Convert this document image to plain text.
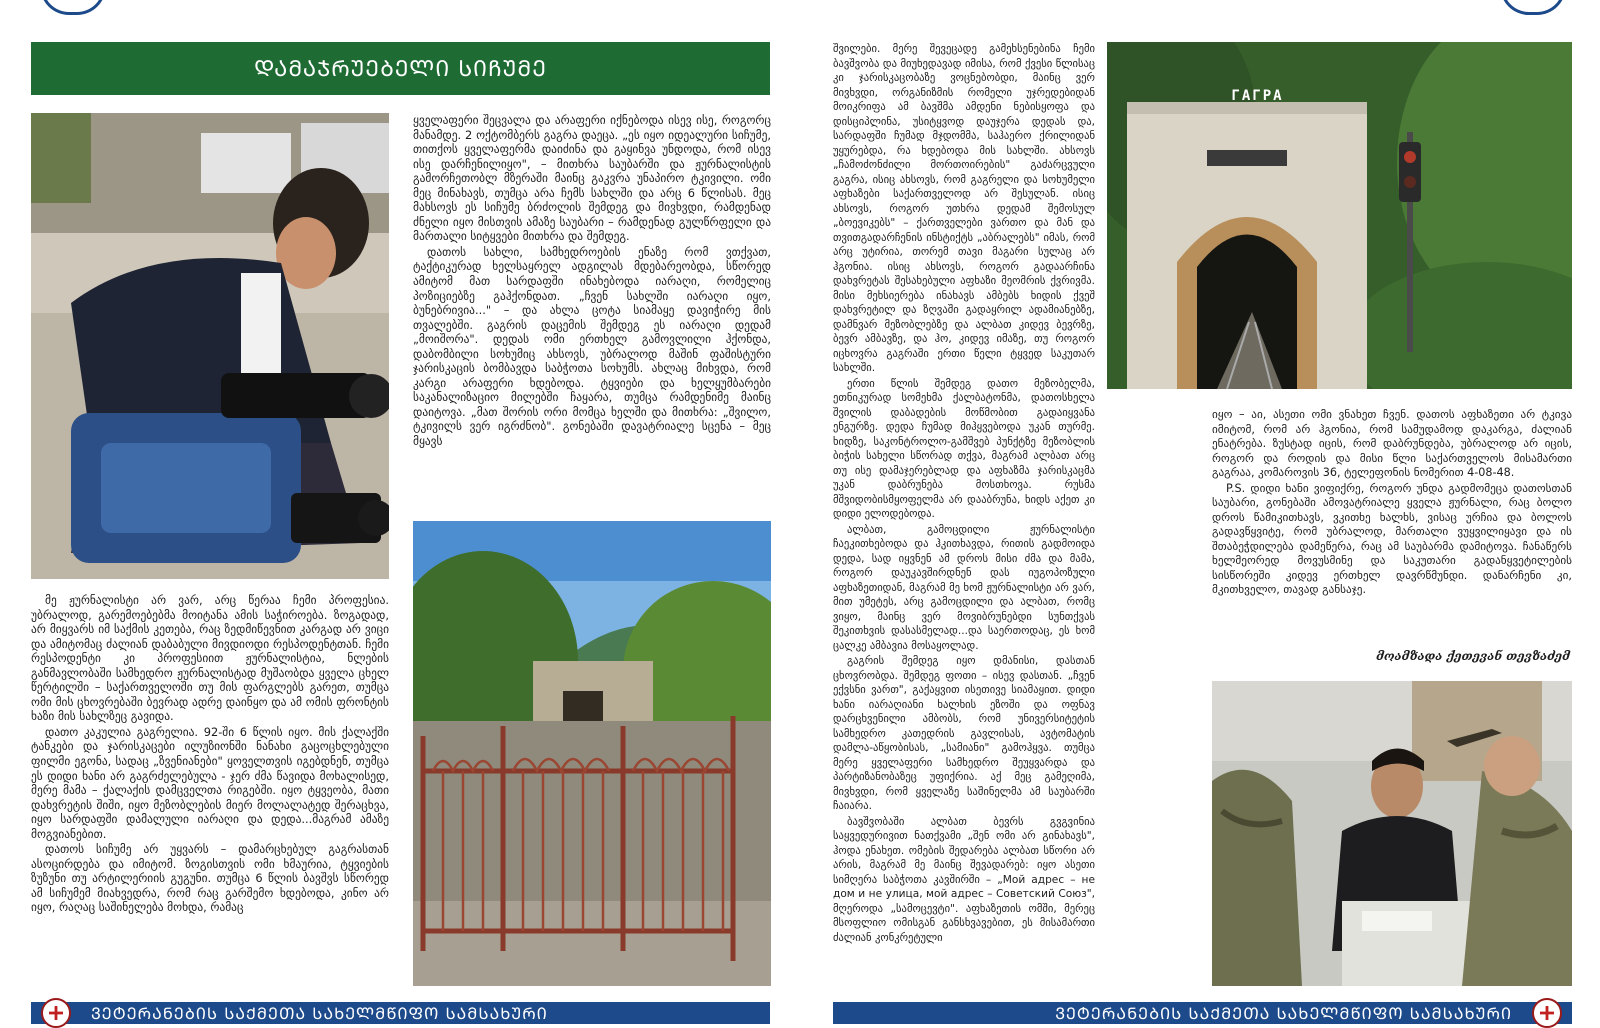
ᲓᲐᲛᲐᲯᲠᲣᲔᲑᲔᲚᲘ ᲡᲘᲩᲣᲛᲔ
ГАГРА

მე ჟურნალისტი არ ვარ, არც წერაა ჩემი პროფესია. უბრალოდ, გარემოებებმა მოიტანა ამის საჭიროება. ზოგადად, არ მიყვარს იმ საქმის კეთება, რაც ზედმიწევნით კარგად არ ვიცი და ამიტომაც ძალიან დაბაბული მივდიოდი რესპოდენტთან. ჩემი რესპოდენტი კი პროფესიით ჟურნალისტია, ნლების განმავლობაში სამხედრო ჟურნალისტად მუშაობდა ყველა ცხელ წერტილში – საქართველოში თუ მის ფარგლებს გარეთ, თუმცა ომი მის ცხოვრებაში ბევრად ადრე დაინყო და ამ ომის ფრონტის ხაზი მის სახლზეც გავიდა.

დათო კაკულია გაგრელია. 92-ში 6 წლის იყო. მის ქალაქში ტანკები და ჯარისკაცები ილუზიონში ნანახი გაცოცხლებული ფილმი ეგონა, სადაც „ზვენიანები" ყოველთვის იგებდნენ, თუმცა ეს დიდი ხანი არ გაგრძელებულა - ჯერ ძმა წავიდა მოხალისედ, მერე მამა – ქალაქის დამცველთა რიგებში. იყო ტყვეობა, მათი დახვრეტის შიში, იყო მეზობლების მიერ მოლალატედ შერაცხვა, იყო სარდაფში დამალული იარაღი და დედა...მაგრამ ამაზე მოგვიანებით.

დათოს სიჩუმე არ უყვარს – დამარცხებულ გაგრასთან ასოცირდება და იმიტომ. ზოგისთვის ომი ხმაურია, ტყვიების ზუზუნი თუ არტილერიის გუგუნი. თუმცა 6 წლის ბავშვს სწორედ ამ სიჩუმემ მიახვედრა, რომ რაც გარშემო ხდებოდა, კინო არ იყო, რაღაც საშინელება მოხდა, რამაც

ყველაფერი შეცვალა და არაფერი იქნებოდა ისევ ისე, როგორც მანამდე. 2 ოქტომბერს გაგრა დაეცა. „ეს იყო იდეალური სიჩუმე, თითქოს ყველაფერმა დაიძინა და გაყინვა უნდოდა, რომ ისევ ისე დარჩენილიყო", – მითხრა საუბარში და ჟურნალისტის გამორჩეთობლ მზერაში მაინც გაკვრა უნაპირო ტკივილი. ომი მეც მინახავს, თუმცა არა ჩემს სახლში და არც 6 წლისას. მეც მახსოვს ეს სიჩუმე ბრძოლის შემდეგ და მივხვდი, რამდენად ძნელი იყო მისთვის ამაზე საუბარი – რამდენად გულწრფელი და მართალი სიტყვები მითხრა და შემდეგ.

დათოს სახლი, სამხედროების ენაზე რომ ვთქვათ, ტაქტიკურად ხელსაყრელ ადგილას მდებარეობდა, სწორედ ამიტომ მათ სარდაფში ინახებოდა იარაღი, რომელიც პოზიციებზე გაჰქონდათ. „ჩვენ სახლში იარაღი იყო, ბუნებრივია..." – და ახლა ცოტა სიამაყე დავიჭირე მის თვალებში. გაგრის დაცემის შემდეგ ეს იარაღი დედამ „მოიშორა". დედას ომი ერთხელ გამოვლილი ჰქონდა, დაბომბილი სოხუმიც ახსოვს, უბრალოდ მაშინ ფაშისტური ჯარისკაცის ბომბავდა საბჭოთა სოხუმს. ახლაც მიხვდა, რომ კარგი არაფერი ხდებოდა. ტყვიები და ხელყუმბარები საკანალიზაციო მილებში ჩაყარა, თუმცა რამდენიმე მაინც დაიტოვა. „მათ შორის ორი მომცა ხელში და მითხრა: „შვილო, ტკივილს ვერ იგრძნობ". გონებაში დავატრიალე სცენა – მეც მყავს

შვილები. მერე შევეცადე გამეხსენებინა ჩემი ბავშვობა და მიუხედავად იმისა, რომ ქვესი წლისაც კი ჯარისკაცობაზე ვოცნებობდი, მაინც ვერ მივხვდი, ორგანიზმის რომელი უჯრედებიდან მოიკრიფა ამ ბავშმა ამდენი ნებისყოფა და დისციპლინა, უსიტყვოდ დაუჯერა დედას და, სარდაფში ჩუმად მჯდომმა, საჰაერო ქრილიდან უყურებდა, რა ხდებოდა მის სახლში. ახსოვს „ჩამოძონძილი მორთოირების" გაძარცვული გაგრა, ისიც ახსოვს, რომ გაგრელი და სოხუმელი აფხაზები საქართველოდ არ შესულან. ისიც ახსოვს, როგორ უთხრა დედამ შემოსულ „ბოევიკებს" – ქართველები ვართო და მან და თვითგადარჩენის ინსტიქტს „აბრალებს" იმას, რომ არც უტირია, თორემ თავი მაგარი სულაც არ ჰგონია. ისიც ახსოვს, როგორ გადაარჩინა დახვრეტას შესახებული აფხაზი მეომრის ქვრივმა. მისი მეხსიერება ინახავს ამბებს ხიდის ქვეშ დახვრეტილ და ზღვაში გადაყრილ ადამიანებზე, დამნვარ მეზობლებზე და ალბათ კიდევ ბევრზე, ბევრ ამბავზე, და ჰო, კიდევ იმაზე, თუ როგორ იცხოვრა გაგრაში ერთი წელი ტყვედ საკუთარ სახლში.

ერთი წლის შემდეგ დათო მეზობელმა, ეთნიკურად სომეხმა ქალბატონმა, დათოსხელა შვილის დაბადების მოწმობით გადაიყვანა ენგურზე. დედა ჩუმად მიჰყვებოდა უკან თურმე. ხიდზე, საკონტროლო-გამშვებ პუნქტზე მეზობლის ბიჭის სახელი სწორად თქვა, მაგრამ ალბათ არც თუ ისე დამაჯერებლად და აფხაზმა ჯარისკაცმა უკან დაბრუნება მოსთხოვა. რუსმა მშვიდობისმყოფელმა არ დააბრუნა, ხიდს აქეთ კი დიდი ელოდებოდა.

ალბათ, გამოცდილი ჟურნალისტი ჩაეკითხებოდა და ჰკითხავდა, რითის გადმოიდა დედა, სად იყვნენ ამ დროს მისი ძმა და მამა, როგორ დაუკავშირდნენ დას იუგოპოზული აფხაზეთიდან, მაგრამ მე ხომ ჟურნალისტი არ ვარ, მით უმეტეს, არც გამოცდილი და ალბათ, რომც ვიყო, მაინც ვერ მოვიბრუნებდი სუნთქვას შეკითხვის დასასმელად...და საერთოდაც, ეს ხომ ცალკე ამბავია მოსაყოლად.

გაგრის შემდეგ იყო დმანისი, დასთან ცხოვრობდა. შემდეგ ფოთი – ისევ დასთან. „ჩვენ ექვსნი ვართ", გაქაყვით ისეთივე სიამაყით. დიდი ხანი იარაღიანი ხალხის ეზოში და ოფნავ დარცხვენილი ამბობს, რომ უნივერსიტეტის სამხედრო კათედრის გავლისას, ავტომატის დამლა-აწყობისას, „სამიანი" გამოჰყვა. თუმცა მერე ყველაფერი სამხედრო შეუყვარდა და პარტიზანობაზეც უფიქრია. აქ მეც გამეღიმა, მივხვდი, რომ ყველაზე საშინელმა ამ საუბარში ჩაიარა.

ბავშვობაში ალბათ ბევრს გვგვინია საყვედურივით ნათქვამი „შენ ომი არ გინახავს", ჰოდა ენახეთ. ომების შედარება ალბათ სწორი არ არის, მაგრამ მე მაინც შევადარებ: იყო ასეთი სიმღერა საბჭოთა კავშირში – „Мой адрес – не дом и не улица, мой адрес – Советский Союз", მღეროდა „სამოცევტი". აფხაზეთის ომში, მერეც მსოფლიო ომისგან განსხვავებით, ეს მისამართი ძალიან კონკრეტული

იყო – აი, ასეთი ომი ვნახეთ ჩვენ. დათოს აფხაზეთი არ ტკივა იმიტომ, რომ არ ჰგონია, რომ სამუდამოდ დაკარგა, ძალიან ენატრება. ზუსტად იცის, რომ დაბრუნდება, უბრალოდ არ იცის, როგორ და როდის და მისი წლი საქართველოს მისამართი გაგრაა, კომაროვის 36, ტელეფონის ნომერით 4-08-48.

P.S. დიდი ხანი ვიფიქრე, როგორ უნდა გადმომეცა დათოსთან საუბარი, გონებაში ამოვატრიალე ყველა ჟურნალი, რაც ბოლო დროს წამიკითხავს, ვკითხე ხალხს, ვისაც ურჩია და ბოლოს გადავწყვიტე, რომ უბრალოდ, მართალი ვუყვილიყავი და ის შთაბეჭდილება დამეწერა, რაც ამ საუბარმა დამიტოვა. ჩანაწერს ხელმეორედ მოვუსმინე და საკუთარი გადანყვეტილების სისწორეში კიდევ ერთხელ დავრწმუნდი. დანარჩენი კი, მკითხველო, თავად განსაჯე.

მოამზადა ქეთევან თევზაძემ
ᲕᲔᲢᲔᲠᲐᲜᲔᲑᲘᲡ ᲡᲐᲥᲛᲔᲗᲐ ᲡᲐᲮᲔᲚᲛᲬᲘᲤᲝ ᲡᲐᲛᲡᲐᲮᲣᲠᲘ	ᲕᲔᲢᲔᲠᲐᲜᲔᲑᲘᲡ ᲡᲐᲥᲛᲔᲗᲐ ᲡᲐᲮᲔᲚᲛᲬᲘᲤᲝ ᲡᲐᲛᲡᲐᲮᲣᲠᲘ
